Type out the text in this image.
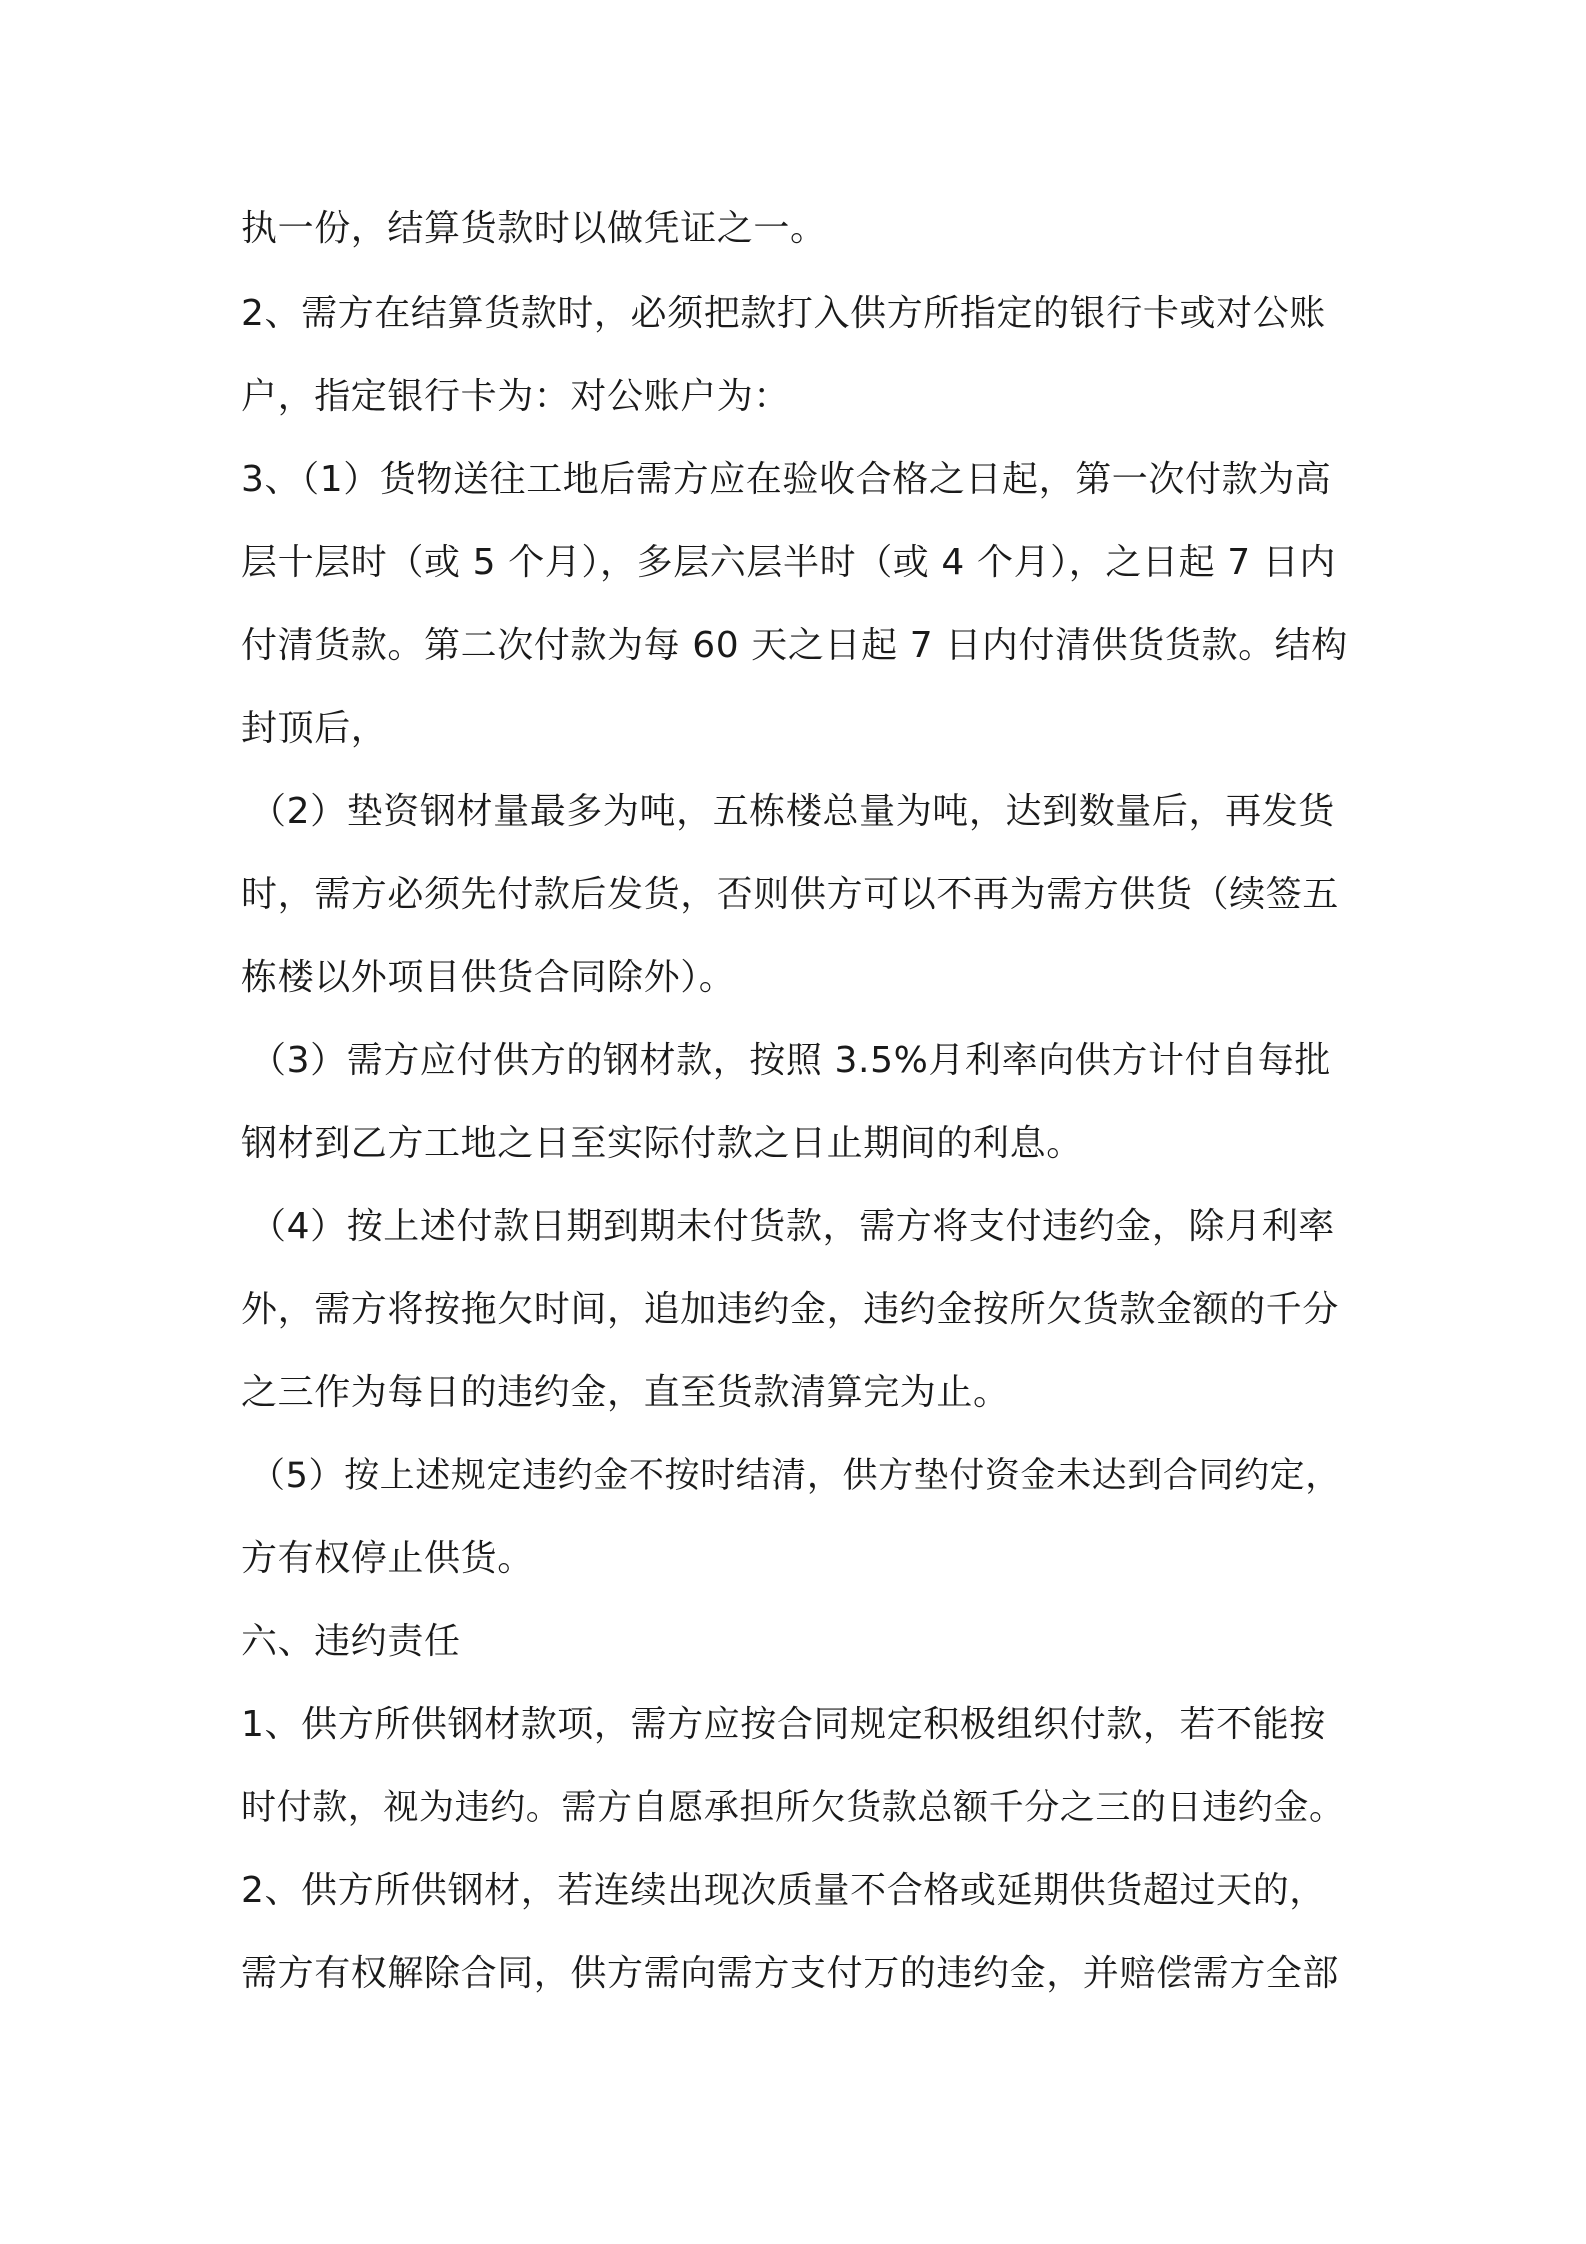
执一份，结算货款时以做凭证之一。

2、需方在结算货款时，必须把款打入供方所指定的银行卡或对公账

户，指定银行卡为：对公账户为：

3、（1）货物送往工地后需方应在验收合格之日起，第一次付款为高

层十层时（或 5 个月），多层六层半时（或 4 个月），之日起 7 日内

付清货款。第二次付款为每 60 天之日起 7 日内付清供货货款。结构

封顶后，

（2）垫资钢材量最多为吨，五栋楼总量为吨，达到数量后，再发货

时，需方必须先付款后发货，否则供方可以不再为需方供货（续签五

栋楼以外项目供货合同除外）。

（3）需方应付供方的钢材款，按照 3.5%月利率向供方计付自每批

钢材到乙方工地之日至实际付款之日止期间的利息。

（4）按上述付款日期到期未付货款，需方将支付违约金，除月利率

外，需方将按拖欠时间，追加违约金，违约金按所欠货款金额的千分

之三作为每日的违约金，直至货款清算完为止。

（5）按上述规定违约金不按时结清，供方垫付资金未达到合同约定，

方有权停止供货。

六、违约责任

1、供方所供钢材款项，需方应按合同规定积极组织付款，若不能按

时付款，视为违约。需方自愿承担所欠货款总额千分之三的日违约金。

2、供方所供钢材，若连续出现次质量不合格或延期供货超过天的，

需方有权解除合同，供方需向需方支付万的违约金，并赔偿需方全部
